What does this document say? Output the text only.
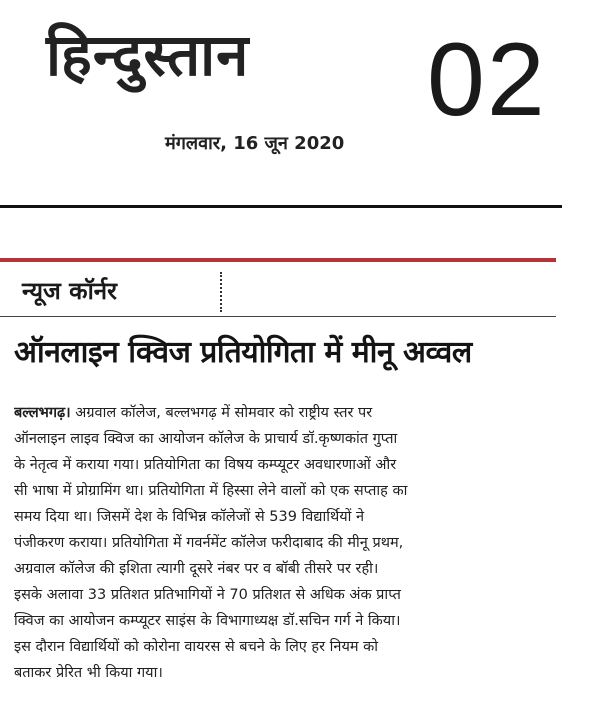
हिन्दुस्तान
मंगलवार, 16 जून 2020
02
न्यूज कॉर्नर
ऑनलाइन क्विज प्रतियोगिता में मीनू अव्वल
बल्लभगढ़। अग्रवाल कॉलेज, बल्लभगढ़ में सोमवार को राष्ट्रीय स्तर पर
ऑनलाइन लाइव क्विज का आयोजन कॉलेज के प्राचार्य डॉ.कृष्णकांत गुप्ता
के नेतृत्व में कराया गया। प्रतियोगिता का विषय कम्प्यूटर अवधारणाओं और
सी भाषा में प्रोग्रामिंग था। प्रतियोगिता में हिस्सा लेने वालों को एक सप्ताह का
समय दिया था। जिसमें देश के विभिन्न कॉलेजों से 539 विद्यार्थियों ने
पंजीकरण कराया। प्रतियोगिता में गवर्नमेंट कॉलेज फरीदाबाद की मीनू प्रथम,
अग्रवाल कॉलेज की इशिता त्यागी दूसरे नंबर पर व बॉबी तीसरे पर रही।
इसके अलावा 33 प्रतिशत प्रतिभागियों ने 70 प्रतिशत से अधिक अंक प्राप्त
क्विज का आयोजन कम्प्यूटर साइंस के विभागाध्यक्ष डॉ.सचिन गर्ग ने किया।
इस दौरान विद्यार्थियों को कोरोना वायरस से बचने के लिए हर नियम को
बताकर प्रेरित भी किया गया।
